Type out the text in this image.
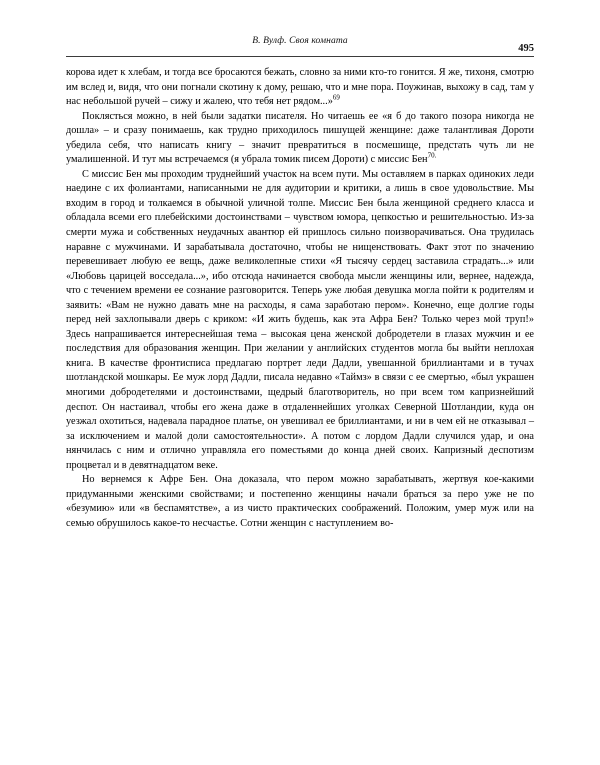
В. Вулф. Своя комната
495

корова идет к хлебам, и тогда все бросаются бежать, словно за ними кто-то гонится. Я же, тихоня, смотрю им вслед и, видя, что они погнали скотину к дому, решаю, что и мне пора. Поужинав, выхожу в сад, там у нас небольшой ручей – сижу и жалею, что тебя нет рядом...»$^{69}$

Поклясться можно, в ней были задатки писателя. Но читаешь ее «я б до такого позора никогда не дошла» – и сразу понимаешь, как трудно приходилось пишущей женщине: даже талантливая Дороти убедила себя, что написать книгу – значит превратиться в посмешище, предстать чуть ли не умалишенной. И тут мы встречаемся (я убрала томик писем Дороти) с миссис Бен$^{70.}$

С миссис Бен мы проходим труднейший участок на всем пути. Мы оставляем в парках одиноких леди наедине с их фолиантами, написанными не для аудитории и критики, а лишь в свое удовольствие. Мы входим в город и толкаемся в обычной уличной толпе. Миссис Бен была женщиной среднего класса и обладала всеми его плебейскими достоинствами – чувством юмора, цепкостью и решительностью. Из-за смерти мужа и собственных неудачных авантюр ей пришлось сильно поизворачиваться. Она трудилась наравне с мужчинами. И зарабатывала достаточно, чтобы не нищенствовать. Факт этот по значению перевешивает любую ее вещь, даже великолепные стихи «Я тысячу сердец заставила страдать...» или «Любовь царицей восседала...», ибо отсюда начинается свобода мысли женщины или, вернее, надежда, что с течением времени ее сознание разговорится. Теперь уже любая девушка могла пойти к родителям и заявить: «Вам не нужно давать мне на расходы, я сама заработаю пером». Конечно, еще долгие годы перед ней захлопывали дверь с криком: «И жить будешь, как эта Афра Бен? Только через мой труп!» Здесь напрашивается интереснейшая тема – высокая цена женской добродетели в глазах мужчин и ее последствия для образования женщин. При желании у английских студентов могла бы выйти неплохая книга. В качестве фронтисписа предлагаю портрет леди Дадли, увешанной бриллиантами и в тучах шотландской мошкары. Ее муж лорд Дадли, писала недавно «Таймз» в связи с ее смертью, «был украшен многими добродетелями и достоинствами, щедрый благотворитель, но при всем том капризнейший деспот. Он настаивал, чтобы его жена даже в отдаленнейших уголках Северной Шотландии, куда он уезжал охотиться, надевала парадное платье, он увешивал ее бриллиантами, и ни в чем ей не отказывал – за исключением и малой доли самостоятельности». А потом с лордом Дадли случился удар, и она нянчилась с ним и отлично управляла его поместьями до конца дней своих. Капризный деспотизм процветал и в девятнадцатом веке.

Но вернемся к Афре Бен. Она доказала, что пером можно зарабатывать, жертвуя кое-какими придуманными женскими свойствами; и постепенно женщины начали браться за перо уже не по «безумию» или «в беспамятстве», а из чисто практических соображений. Положим, умер муж или на семью обрушилось какое-то несчастье. Сотни женщин с наступлением во-
